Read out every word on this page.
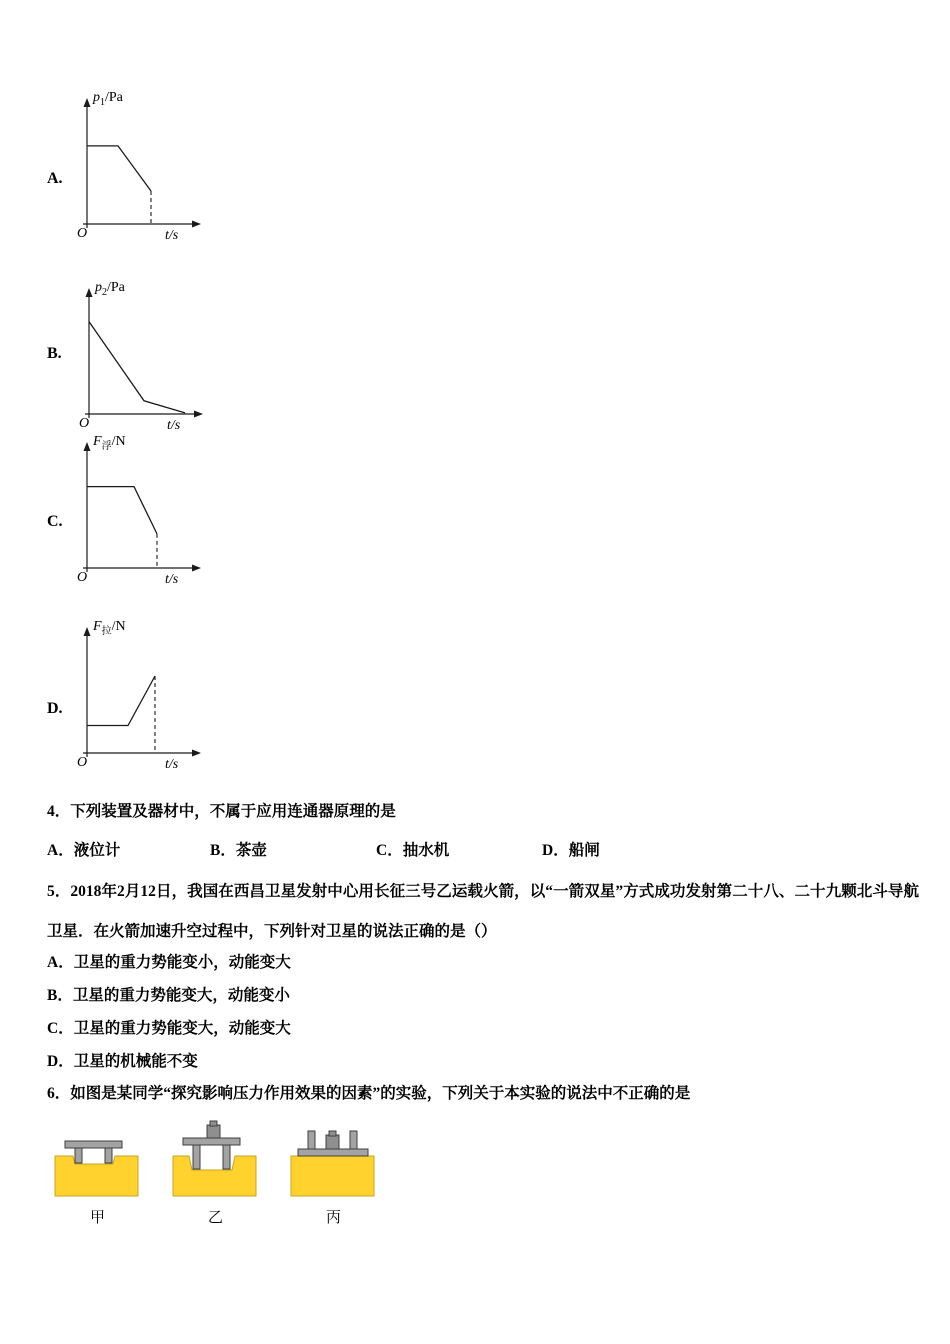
A.
$p_1/Pa$
O	t/s
B.
$p_2/Pa$
O	t/s
C.
$F_浮/N$
O	t/s
D.
$F_拉/N$
O	t/s
4．下列装置及器材中，不属于应用连通器原理的是
A．液位计	B．茶壶	C．抽水机	D．船闸
5．2018年2月12日，我国在西昌卫星发射中心用长征三号乙运载火箭，以“一箭双星”方式成功发射第二十八、二十九颗北斗导航卫星．在火箭加速升空过程中，下列针对卫星的说法正确的是（）
A．卫星的重力势能变小，动能变大
B．卫星的重力势能变大，动能变小
C．卫星的重力势能变大，动能变大
D．卫星的机械能不变
6．如图是某同学“探究影响压力作用效果的因素”的实验，下列关于本实验的说法中不正确的是
甲	乙	丙
